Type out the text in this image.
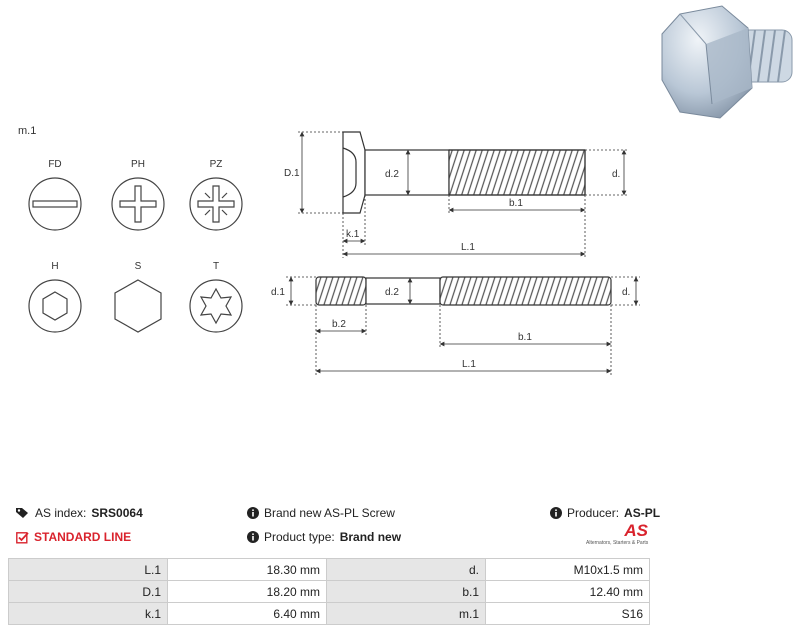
m.1
FD	PH	PZ
H	S	T
D.1	d.2	d.
b.1
k.1
L.1
d.1	d.2	d.
b.2
b.1
L.1
AS index: SRS0064
STANDARD LINE
Brand new AS-PL Screw
Product type: Brand new
Producer: AS-PL
AS
Alternators, Starters & Parts
L.1	18.30 mm	d.	M10x1.5 mm
D.1	18.20 mm	b.1	12.40 mm
k.1	6.40 mm	m.1	S16
